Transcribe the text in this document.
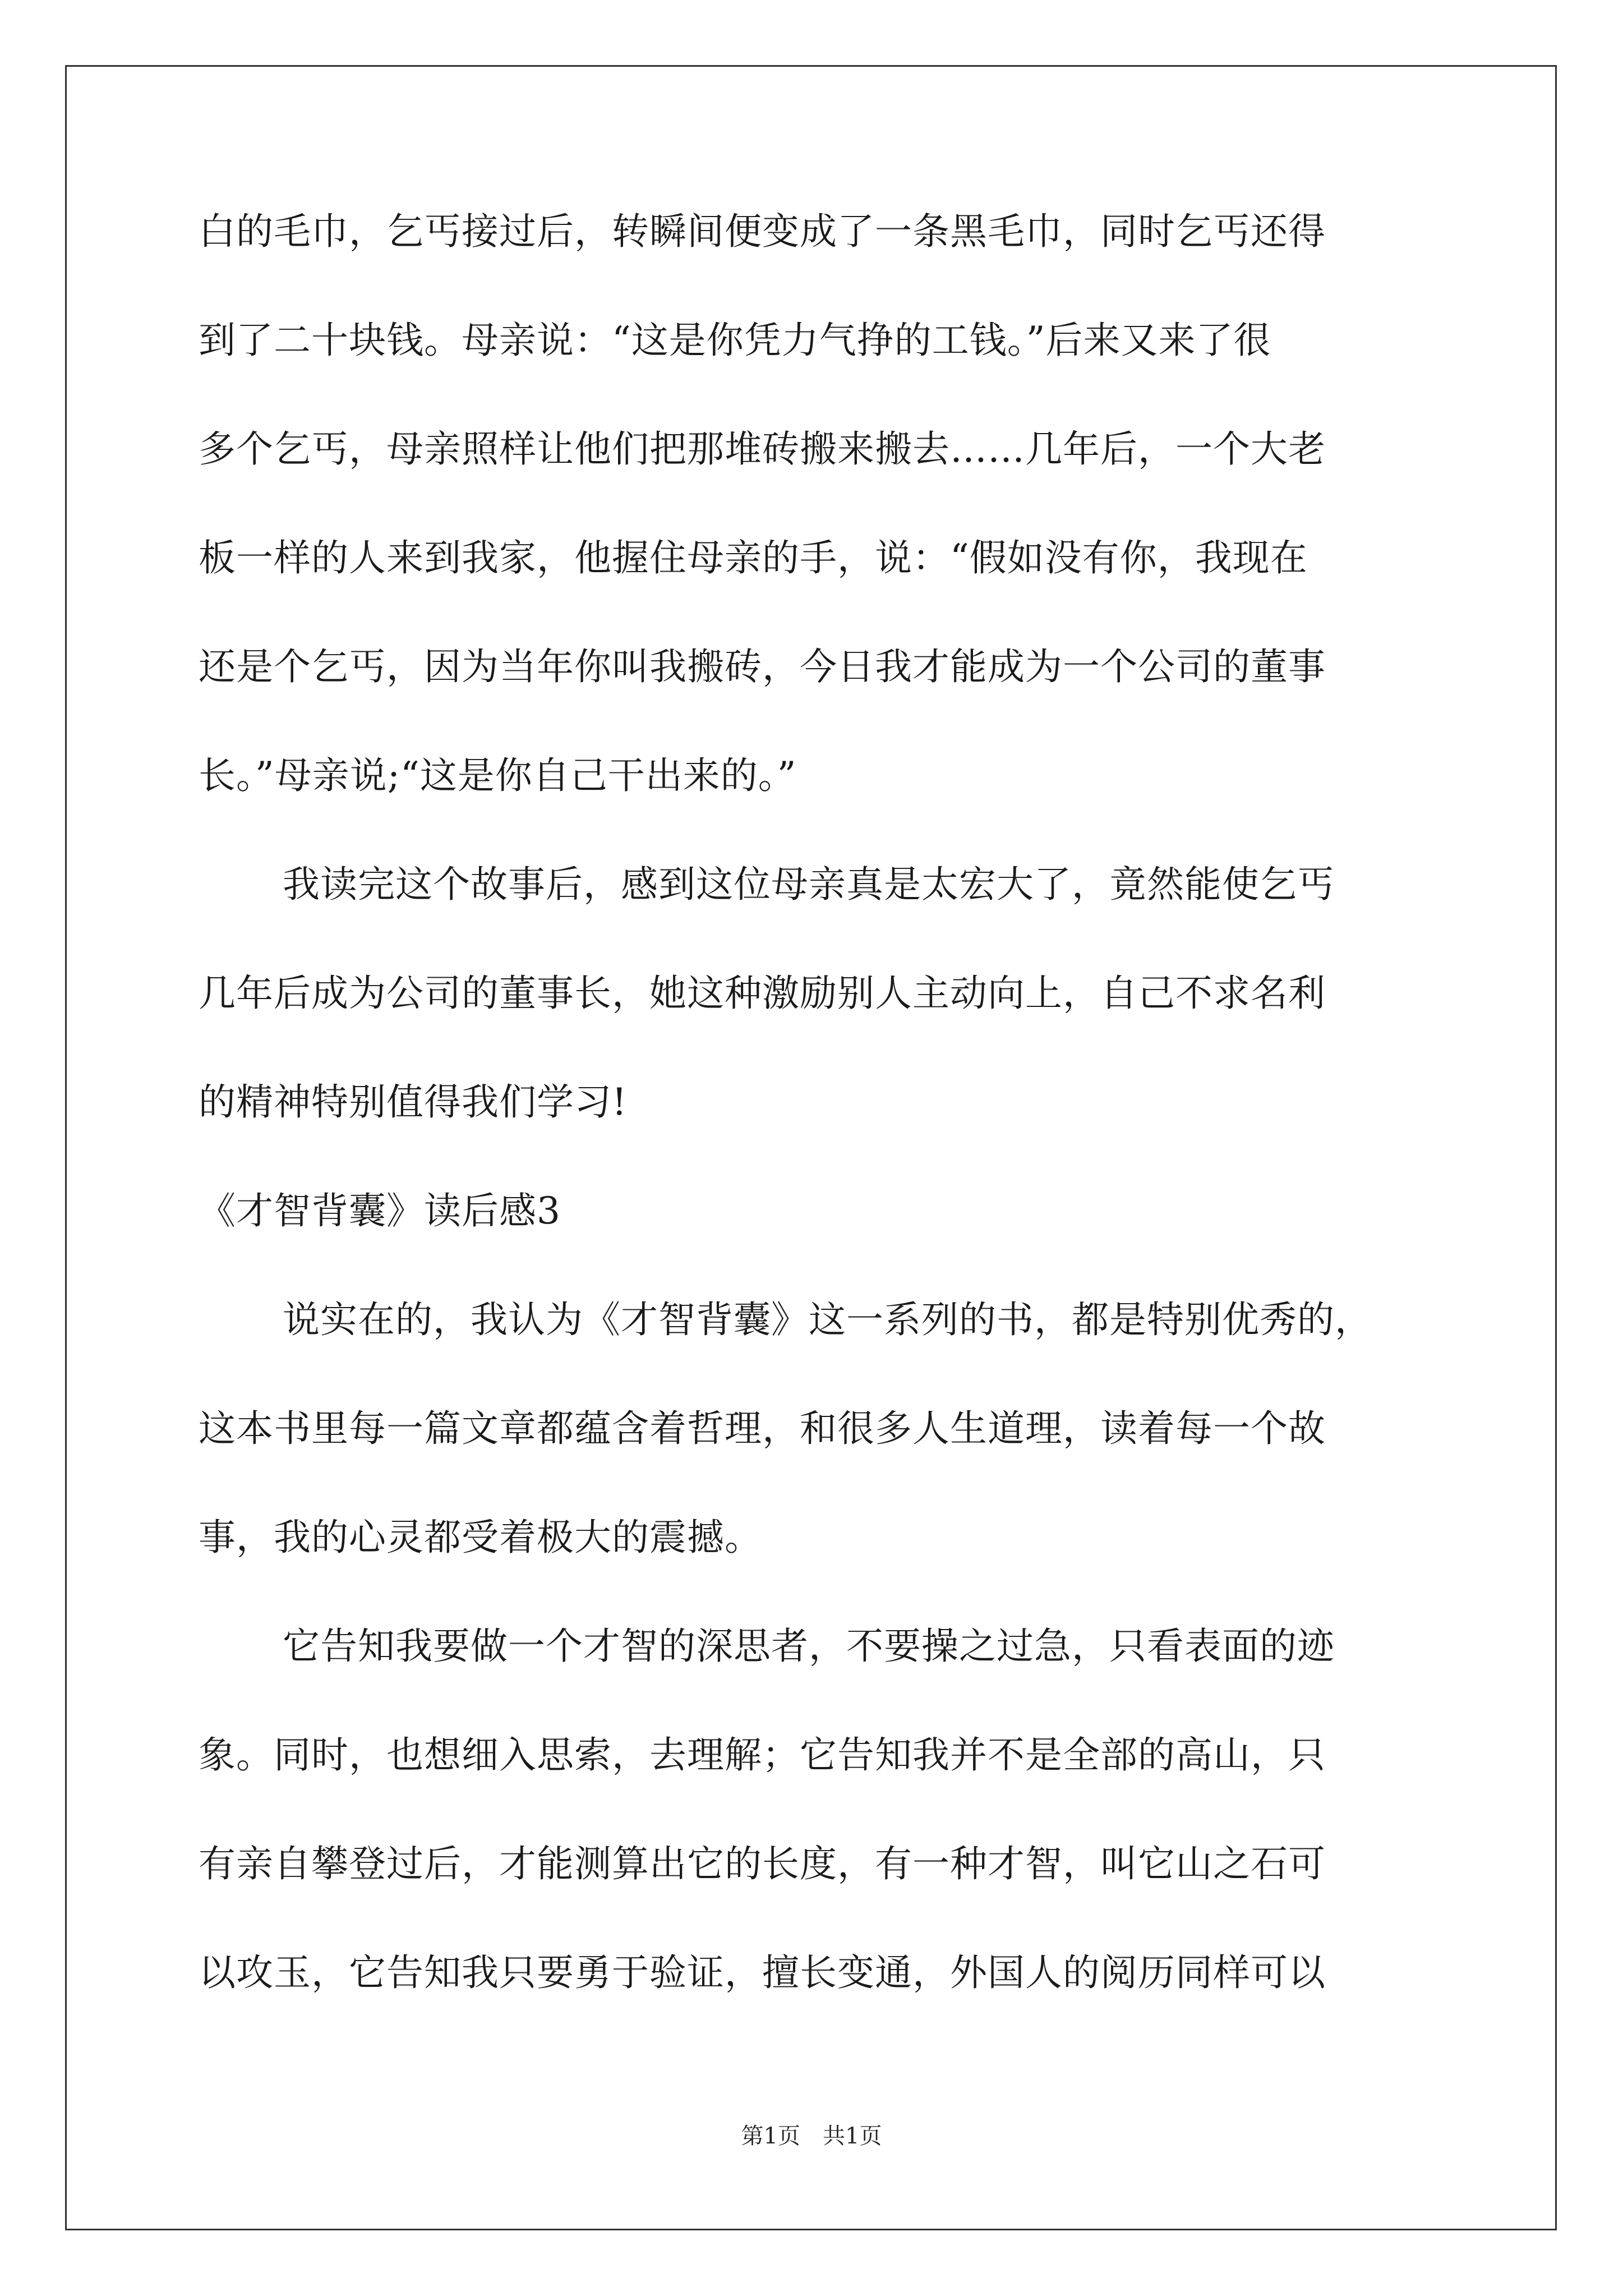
白的毛巾，乞丐接过后，转瞬间便变成了一条黑毛巾，同时乞丐还得
到了二十块钱。母亲说：“这是你凭力气挣的工钱。”后来又来了很
多个乞丐，母亲照样让他们把那堆砖搬来搬去……几年后，一个大老
板一样的人来到我家，他握住母亲的手，说：“假如没有你，我现在
还是个乞丐，因为当年你叫我搬砖，今日我才能成为一个公司的董事
长。”母亲说;“这是你自己干出来的。”
我读完这个故事后，感到这位母亲真是太宏大了，竟然能使乞丐
几年后成为公司的董事长，她这种激励别人主动向上，自己不求名利
的精神特别值得我们学习!
《才智背囊》读后感3
说实在的，我认为《才智背囊》这一系列的书，都是特别优秀的，
这本书里每一篇文章都蕴含着哲理，和很多人生道理，读着每一个故
事，我的心灵都受着极大的震撼。
它告知我要做一个才智的深思者，不要操之过急，只看表面的迹
象。同时，也想细入思索，去理解；它告知我并不是全部的高山，只
有亲自攀登过后，才能测算出它的长度，有一种才智，叫它山之石可
以攻玉，它告知我只要勇于验证，擅长变通，外国人的阅历同样可以
第1页　共1页
